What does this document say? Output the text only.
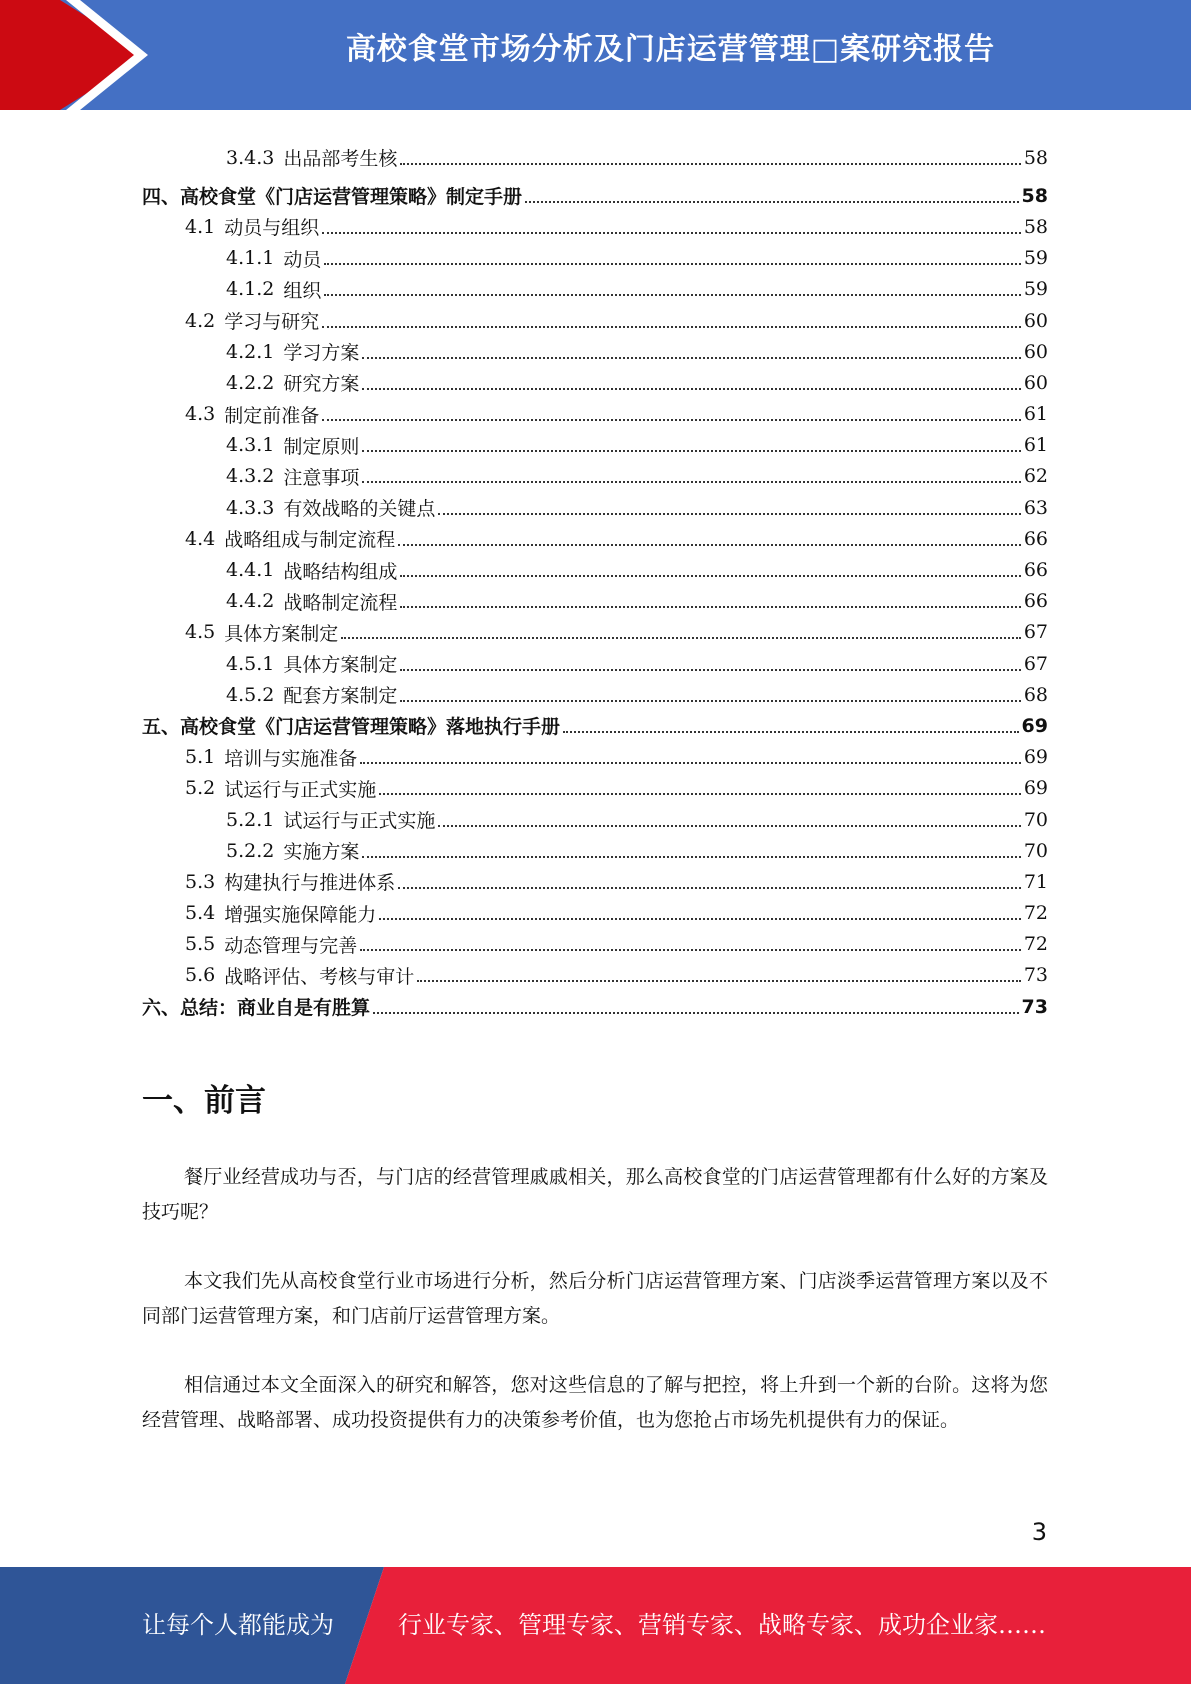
高校食堂市场分析及门店运营管理□案研究报告
3.4.3 出品部考生核	58
四、 高校食堂《门店运营管理策略》制定手册	58
4.1 动员与组织	58
4.1.1 动员	59
4.1.2 组织	59
4.2 学习与研究	60
4.2.1 学习方案	60
4.2.2 研究方案	60
4.3 制定前准备	61
4.3.1 制定原则	61
4.3.2 注意事项	62
4.3.3 有效战略的关键点	63
4.4 战略组成与制定流程	66
4.4.1 战略结构组成	66
4.4.2 战略制定流程	66
4.5 具体方案制定	67
4.5.1 具体方案制定	67
4.5.2 配套方案制定	68
五、 高校食堂《门店运营管理策略》落地执行手册	69
5.1 培训与实施准备	69
5.2 试运行与正式实施	69
5.2.1 试运行与正式实施	70
5.2.2 实施方案	70
5.3 构建执行与推进体系	71
5.4 增强实施保障能力	72
5.5 动态管理与完善	72
5.6 战略评估、考核与审计	73
六、 总结：商业自是有胜算	73
一、前言

餐厅业经营成功与否，与门店的经营管理戚戚相关，那么高校食堂的门店运营管理都有什么好的方案及技巧呢？

本文我们先从高校食堂行业市场进行分析，然后分析门店运营管理方案、门店淡季运营管理方案以及不同部门运营管理方案，和门店前厅运营管理方案。

相信通过本文全面深入的研究和解答，您对这些信息的了解与把控，将上升到一个新的台阶。这将为您经营管理、战略部署、成功投资提供有力的决策参考价值，也为您抢占市场先机提供有力的保证。

3
让每个人都能成为	行业专家、管理专家、营销专家、战略专家、成功企业家……
